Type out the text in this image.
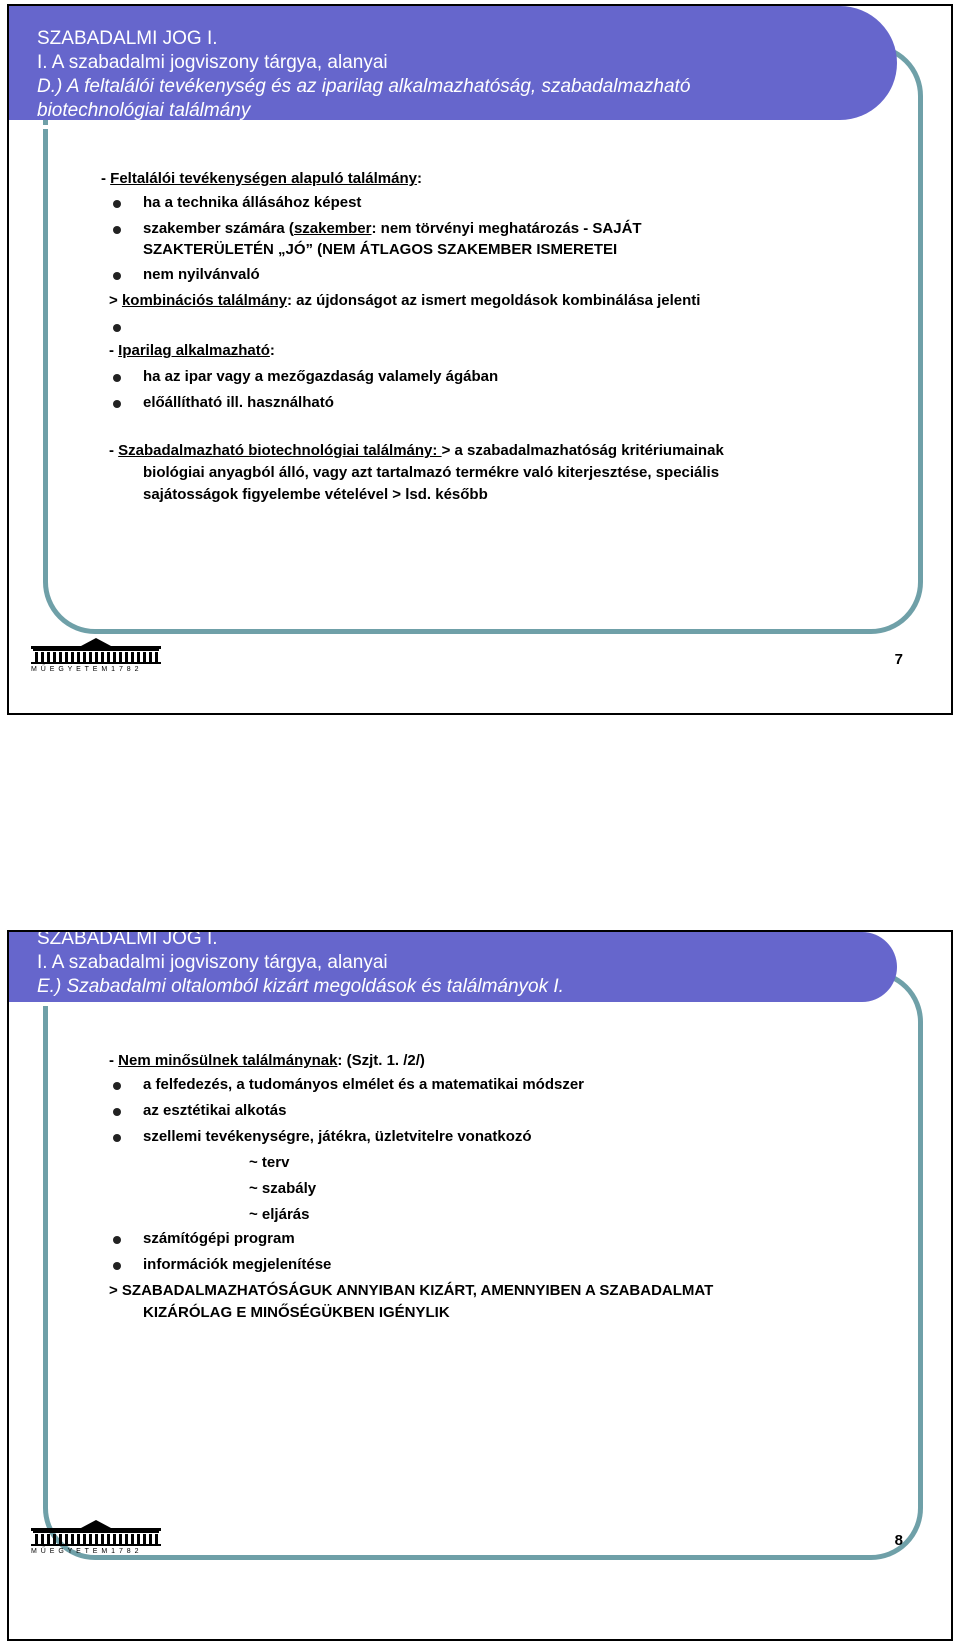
SZABADALMI JOG I.
I. A szabadalmi jogviszony tárgya, alanyai
D.) A feltalálói tevékenység és az iparilag alkalmazhatóság, szabadalmazható
biotechnológiai találmány
- Feltalálói tevékenységen alapuló találmány:
ha a technika állásához képest
szakember számára (szakember: nem törvényi meghatározás - SAJÁT
SZAKTERÜLETÉN „JÓ” (NEM ÁTLAGOS SZAKEMBER ISMERETEI
nem nyilvánvaló
> kombinációs találmány: az újdonságot az ismert megoldások kombinálása jelenti
- Iparilag alkalmazható:
ha az ipar vagy a mezőgazdaság valamely ágában
előállítható ill. használható
- Szabadalmazható biotechnológiai találmány: > a szabadalmazhatóság kritériumainak
biológiai anyagból álló, vagy azt tartalmazó termékre való kiterjesztése, speciális
sajátosságok figyelembe vételével > lsd. később
M Ű E G Y E T E M 1 7 8 2
7
SZABADALMI JOG I.
I. A szabadalmi jogviszony tárgya, alanyai
E.) Szabadalmi oltalomból kizárt megoldások és találmányok I.
- Nem minősülnek találmánynak: (Szjt. 1. /2/)
a felfedezés, a tudományos elmélet és a matematikai módszer
az esztétikai alkotás
szellemi tevékenységre, játékra, üzletvitelre vonatkozó
~ terv
~ szabály
~ eljárás
számítógépi program
információk megjelenítése
> SZABADALMAZHATÓSÁGUK ANNYIBAN KIZÁRT, AMENNYIBEN A SZABADALMAT
KIZÁRÓLAG E MINŐSÉGÜKBEN IGÉNYLIK
M Ű E G Y E T E M 1 7 8 2
8
